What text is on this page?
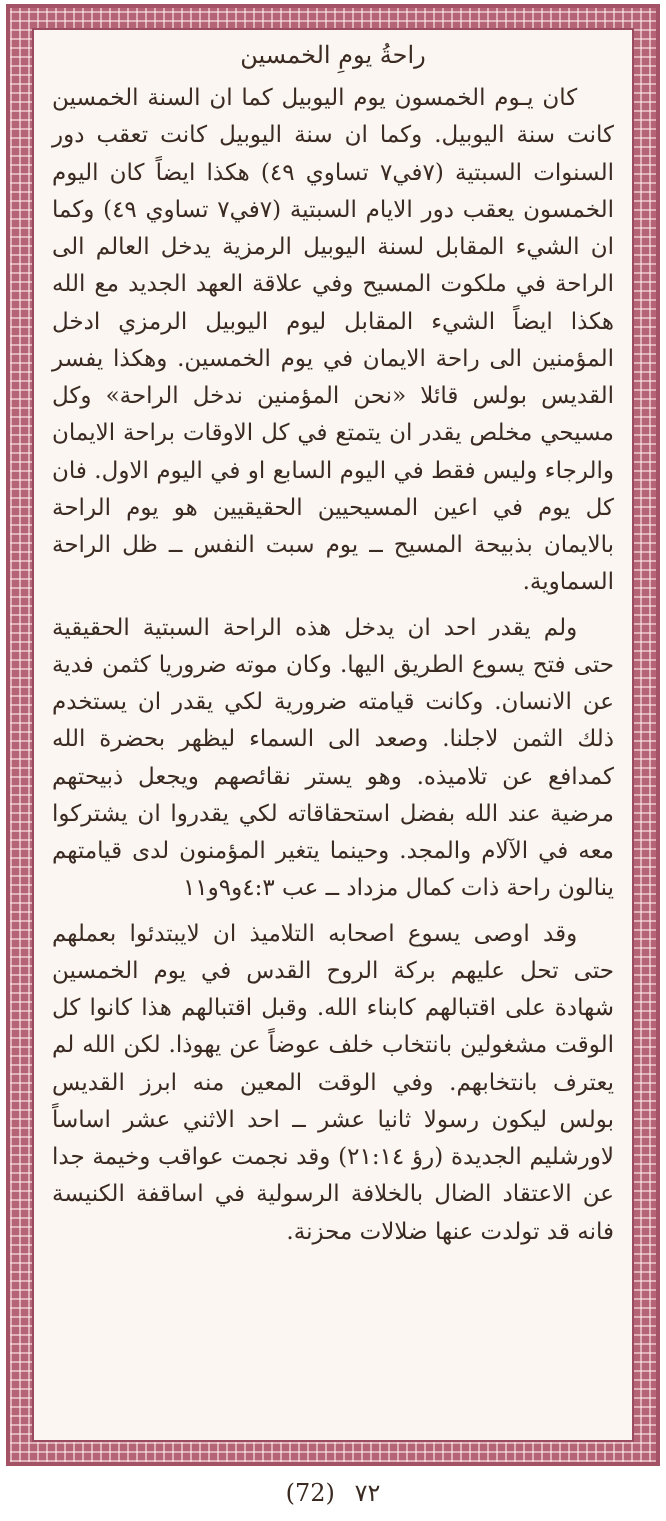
راحةُ يومِ الخمسين

كان يـوم الخمسون يوم اليوبيل كما ان السنة الخمسين كانت سنة اليوبيل. وكما ان سنة اليوبيل كانت تعقب دور السنوات السبتية (٧في٧ تساوي ٤٩) هكذا ايضاً كان اليوم الخمسون يعقب دور الايام السبتية (٧في٧ تساوي ٤٩) وكما ان الشيء المقابل لسنة اليوبيل الرمزية يدخل العالم الى الراحة في ملكوت المسيح وفي علاقة العهد الجديد مع الله هكذا ايضاً الشيء المقابل ليوم اليوبيل الرمزي ادخل المؤمنين الى راحة الايمان في يوم الخمسين. وهكذا يفسر القديس بولس قائلا «نحن المؤمنين ندخل الراحة» وكل مسيحي مخلص يقدر ان يتمتع في كل الاوقات براحة الايمان والرجاء وليس فقط في اليوم السابع او في اليوم الاول. فان كل يوم في اعين المسيحيين الحقيقيين هو يوم الراحة بالايمان بذبيحة المسيح ــ يوم سبت النفس ــ ظل الراحة السماوية.

ولم يقدر احد ان يدخل هذه الراحة السبتية الحقيقية حتى فتح يسوع الطريق اليها. وكان موته ضروريا كثمن فدية عن الانسان. وكانت قيامته ضرورية لكي يقدر ان يستخدم ذلك الثمن لاجلنا. وصعد الى السماء ليظهر بحضرة الله كمدافع عن تلاميذه. وهو يستر نقائصهم ويجعل ذبيحتهم مرضية عند الله بفضل استحقاقاته لكي يقدروا ان يشتركوا معه في الآلام والمجد. وحينما يتغير المؤمنون لدى قيامتهم ينالون راحة ذات كمال مزداد ــ عب ٤:٣و٩و١١

وقد اوصى يسوع اصحابه التلاميذ ان لايبتدئوا بعملهم حتى تحل عليهم بركة الروح القدس في يوم الخمسين شهادة على اقتبالهم كابناء الله. وقبل اقتبالهم هذا كانوا كل الوقت مشغولين بانتخاب خلف عوضاً عن يهوذا. لكن الله لم يعترف بانتخابهم. وفي الوقت المعين منه ابرز القديس بولس ليكون رسولا ثانيا عشر ــ احد الاثني عشر اساساً لاورشليم الجديدة (رؤ ٢١:١٤) وقد نجمت عواقب وخيمة جدا عن الاعتقاد الضال بالخلافة الرسولية في اساقفة الكنيسة فانه قد تولدت عنها ضلالات محزنة.

(72) ٧٢
